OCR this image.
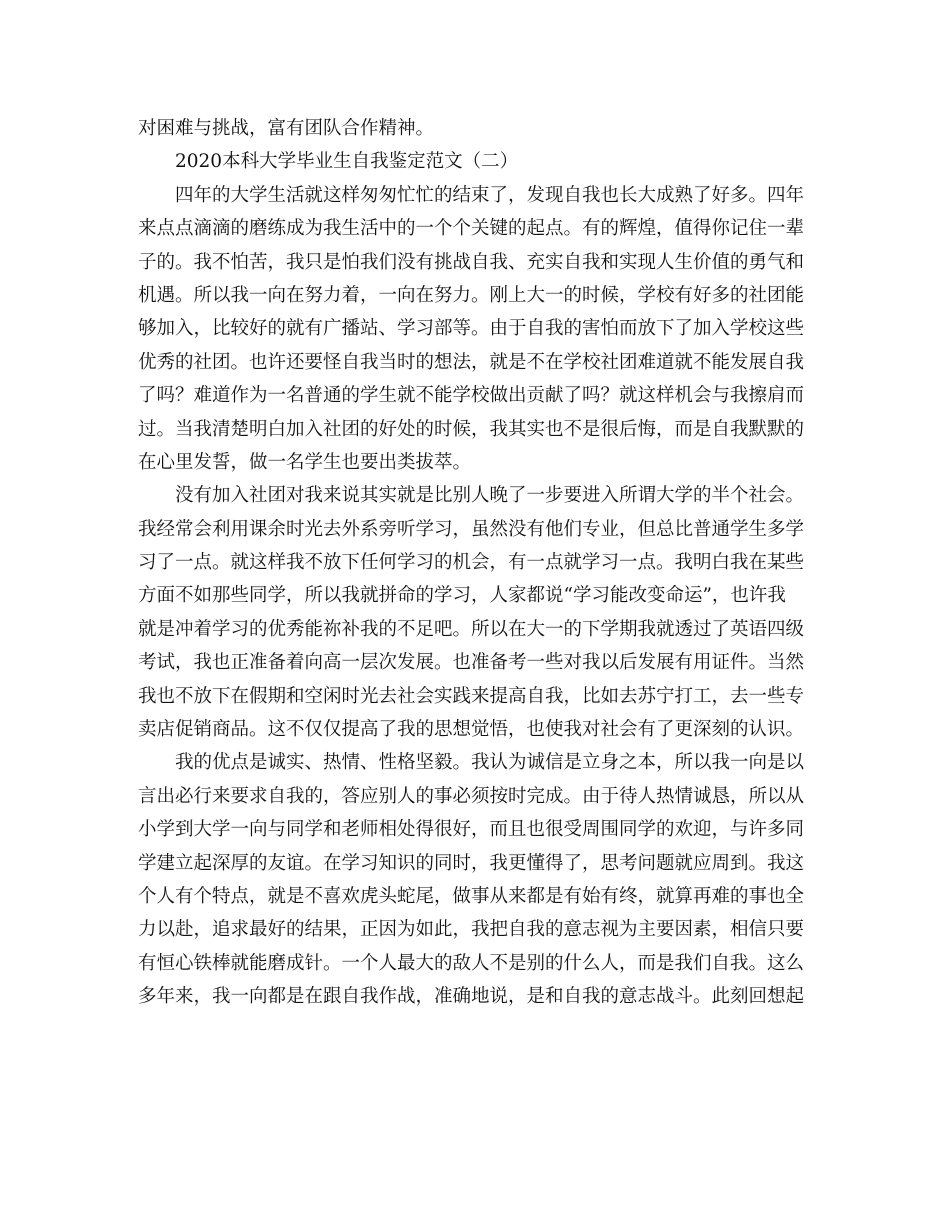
对困难与挑战，富有团队合作精神。
2020本科大学毕业生自我鉴定范文（二）
四年的大学生活就这样匆匆忙忙的结束了，发现自我也长大成熟了好多。四年
来点点滴滴的磨练成为我生活中的一个个关键的起点。有的辉煌，值得你记住一辈
子的。我不怕苦，我只是怕我们没有挑战自我、充实自我和实现人生价值的勇气和
机遇。所以我一向在努力着，一向在努力。刚上大一的时候，学校有好多的社团能
够加入，比较好的就有广播站、学习部等。由于自我的害怕而放下了加入学校这些
优秀的社团。也许还要怪自我当时的想法，就是不在学校社团难道就不能发展自我
了吗？难道作为一名普通的学生就不能学校做出贡献了吗？就这样机会与我擦肩而
过。当我清楚明白加入社团的好处的时候，我其实也不是很后悔，而是自我默默的
在心里发誓，做一名学生也要出类拔萃。
没有加入社团对我来说其实就是比别人晚了一步要进入所谓大学的半个社会。
我经常会利用课余时光去外系旁听学习，虽然没有他们专业，但总比普通学生多学
习了一点。就这样我不放下任何学习的机会，有一点就学习一点。我明白我在某些
方面不如那些同学，所以我就拼命的学习，人家都说“学习能改变命运”，也许我
就是冲着学习的优秀能祢补我的不足吧。所以在大一的下学期我就透过了英语四级
考试，我也正准备着向高一层次发展。也准备考一些对我以后发展有用证件。当然
我也不放下在假期和空闲时光去社会实践来提高自我，比如去苏宁打工，去一些专
卖店促销商品。这不仅仅提高了我的思想觉悟，也使我对社会有了更深刻的认识。
我的优点是诚实、热情、性格坚毅。我认为诚信是立身之本，所以我一向是以
言出必行来要求自我的，答应别人的事必须按时完成。由于待人热情诚恳，所以从
小学到大学一向与同学和老师相处得很好，而且也很受周围同学的欢迎，与许多同
学建立起深厚的友谊。在学习知识的同时，我更懂得了，思考问题就应周到。我这
个人有个特点，就是不喜欢虎头蛇尾，做事从来都是有始有终，就算再难的事也全
力以赴，追求最好的结果，正因为如此，我把自我的意志视为主要因素，相信只要
有恒心铁棒就能磨成针。一个人最大的敌人不是别的什么人，而是我们自我。这么
多年来，我一向都是在跟自我作战，准确地说，是和自我的意志战斗。此刻回想起
